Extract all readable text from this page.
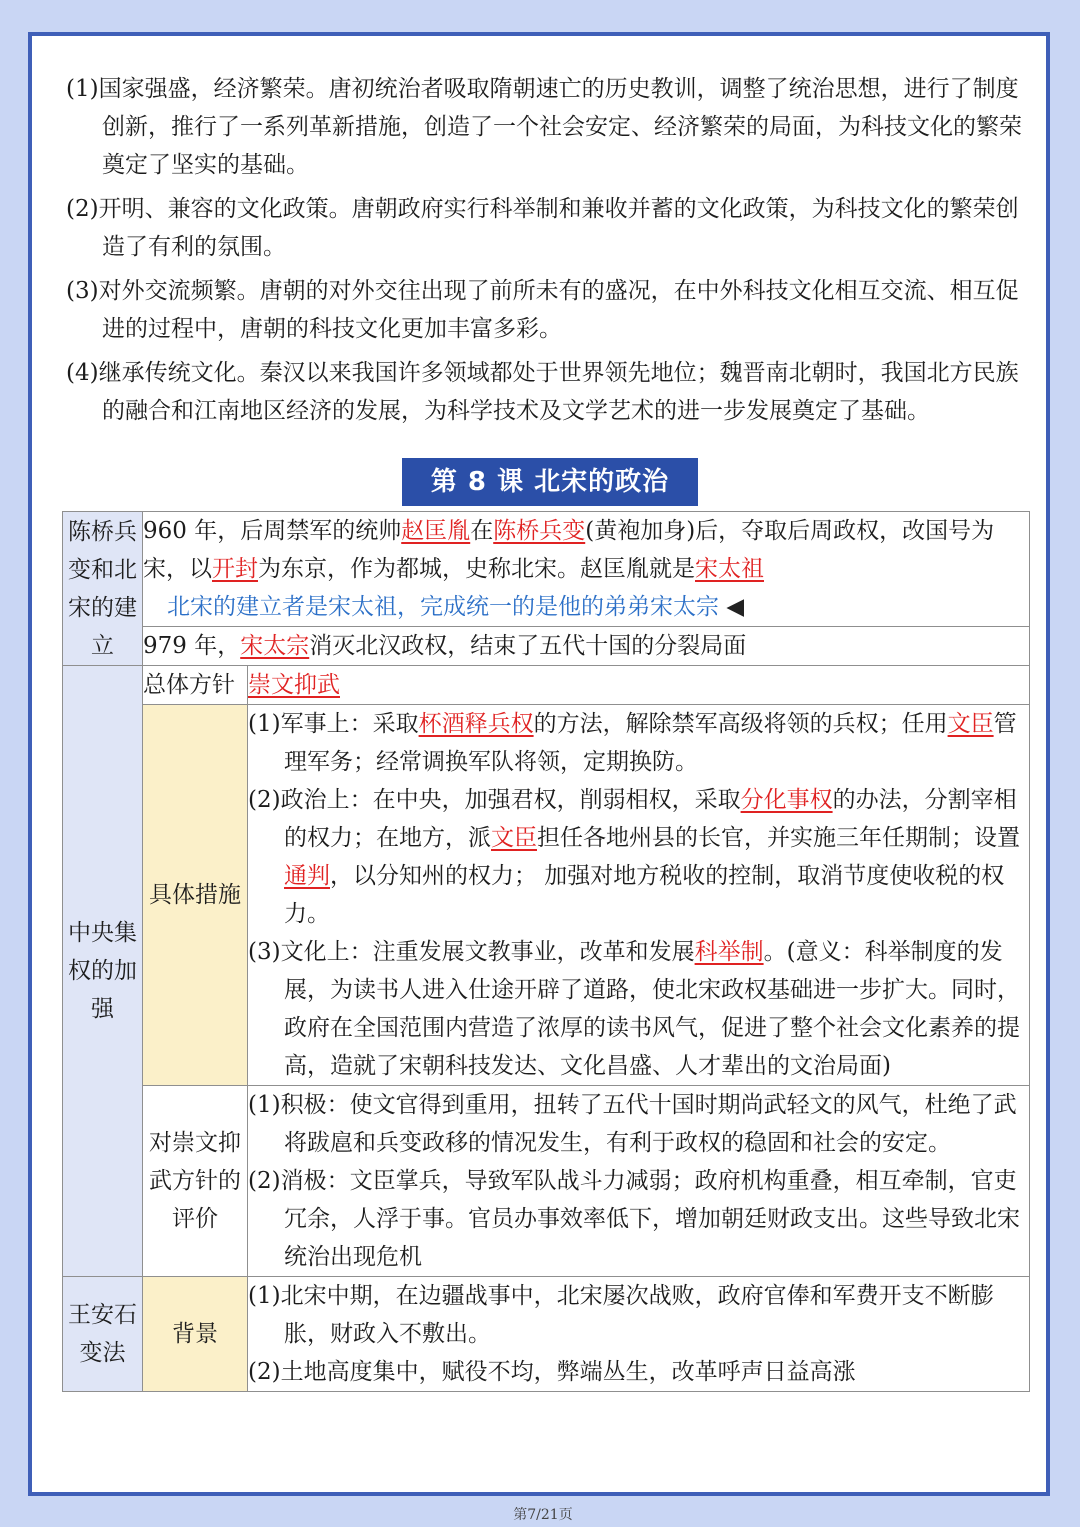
(1)国家强盛，经济繁荣。唐初统治者吸取隋朝速亡的历史教训，调整了统治思想，进行了制度创新，推行了一系列革新措施，创造了一个社会安定、经济繁荣的局面，为科技文化的繁荣奠定了坚实的基础。

(2)开明、兼容的文化政策。唐朝政府实行科举制和兼收并蓄的文化政策，为科技文化的繁荣创造了有利的氛围。

(3)对外交流频繁。唐朝的对外交往出现了前所未有的盛况，在中外科技文化相互交流、相互促进的过程中，唐朝的科技文化更加丰富多彩。

(4)继承传统文化。秦汉以来我国许多领域都处于世界领先地位；魏晋南北朝时，我国北方民族的融合和江南地区经济的发展，为科学技术及文学艺术的进一步发展奠定了基础。

第 8 课 北宋的政治
陈桥兵变和北宋的建立	960 年，后周禁军的统帅赵匡胤在陈桥兵变(黄袍加身)后，夺取后周政权，改国号为宋，以开封为东京，作为都城，史称北宋。赵匡胤就是宋太祖
北宋的建立者是宋太祖，完成统一的是他的弟弟宋太宗 ◀	
	979 年，宋太宗消灭北汉政权，结束了五代十国的分裂局面	
中央集权的加强	总体方针	崇文抑武
	具体措施	(1)军事上：采取杯酒释兵权的方法，解除禁军高级将领的兵权；任用文臣管理军务；经常调换军队将领，定期换防。

(2)政治上：在中央，加强君权，削弱相权，采取分化事权的办法，分割宰相的权力；在地方，派文臣担任各地州县的长官，并实施三年任期制；设置通判，以分知州的权力； 加强对地方税收的控制，取消节度使收税的权力。

(3)文化上：注重发展文教事业，改革和发展科举制。(意义：科举制度的发展，为读书人进入仕途开辟了道路，使北宋政权基础进一步扩大。同时，政府在全国范围内营造了浓厚的读书风气，促进了整个社会文化素养的提高，造就了宋朝科技发达、文化昌盛、人才辈出的文治局面)

	对崇文抑武方针的评价	(1)积极：使文官得到重用，扭转了五代十国时期尚武轻文的风气，杜绝了武将跋扈和兵变政移的情况发生，有利于政权的稳固和社会的安定。

(2)消极：文臣掌兵，导致军队战斗力减弱；政府机构重叠，相互牵制，官吏冗余，人浮于事。官员办事效率低下，增加朝廷财政支出。这些导致北宋统治出现危机

王安石变法	背景	(1)北宋中期，在边疆战事中，北宋屡次战败，政府官俸和军费开支不断膨胀，财政入不敷出。

(2)土地高度集中，赋役不均，弊端丛生，改革呼声日益高涨

第7/21页
